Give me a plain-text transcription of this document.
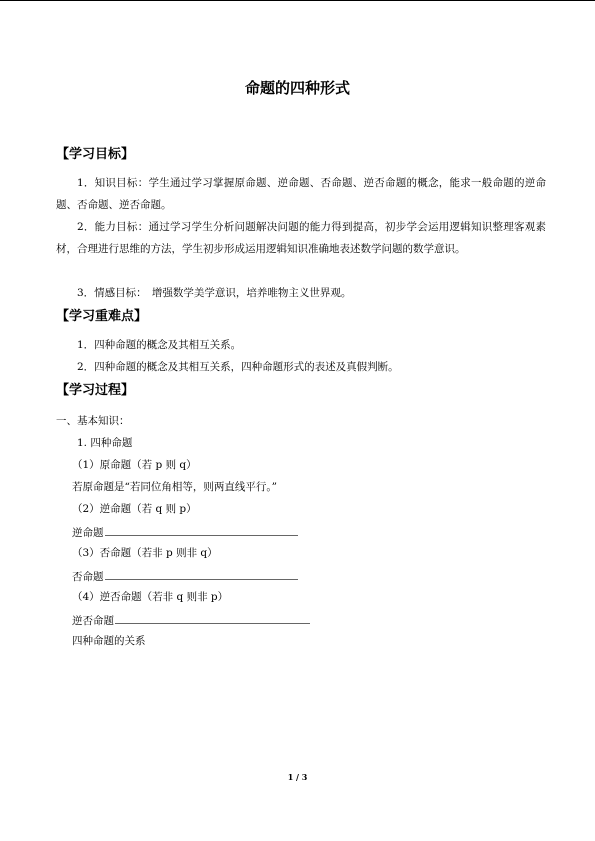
命题的四种形式
【学习目标】
1．知识目标：学生通过学习掌握原命题、逆命题、否命题、逆否命题的概念，能求一般命题的逆命题、否命题、逆否命题。
2．能力目标：通过学习学生分析问题解决问题的能力得到提高，初步学会运用逻辑知识整理客观素材，合理进行思维的方法，学生初步形成运用逻辑知识准确地表述数学问题的数学意识。
3．情感目标：　增强数学美学意识，培养唯物主义世界观。
【学习重难点】
1．四种命题的概念及其相互关系。
2．四种命题的概念及其相互关系，四种命题形式的表述及真假判断。
【学习过程】
一、基本知识：
1. 四种命题
（1）原命题（若 p 则 q）
若原命题是“若同位角相等，则两直线平行。”
（2）逆命题（若 q 则 p）
逆命题
（3）否命题（若非 p 则非 q）
否命题
（4）逆否命题（若非 q 则非 p）
逆否命题
四种命题的关系
1 / 3
